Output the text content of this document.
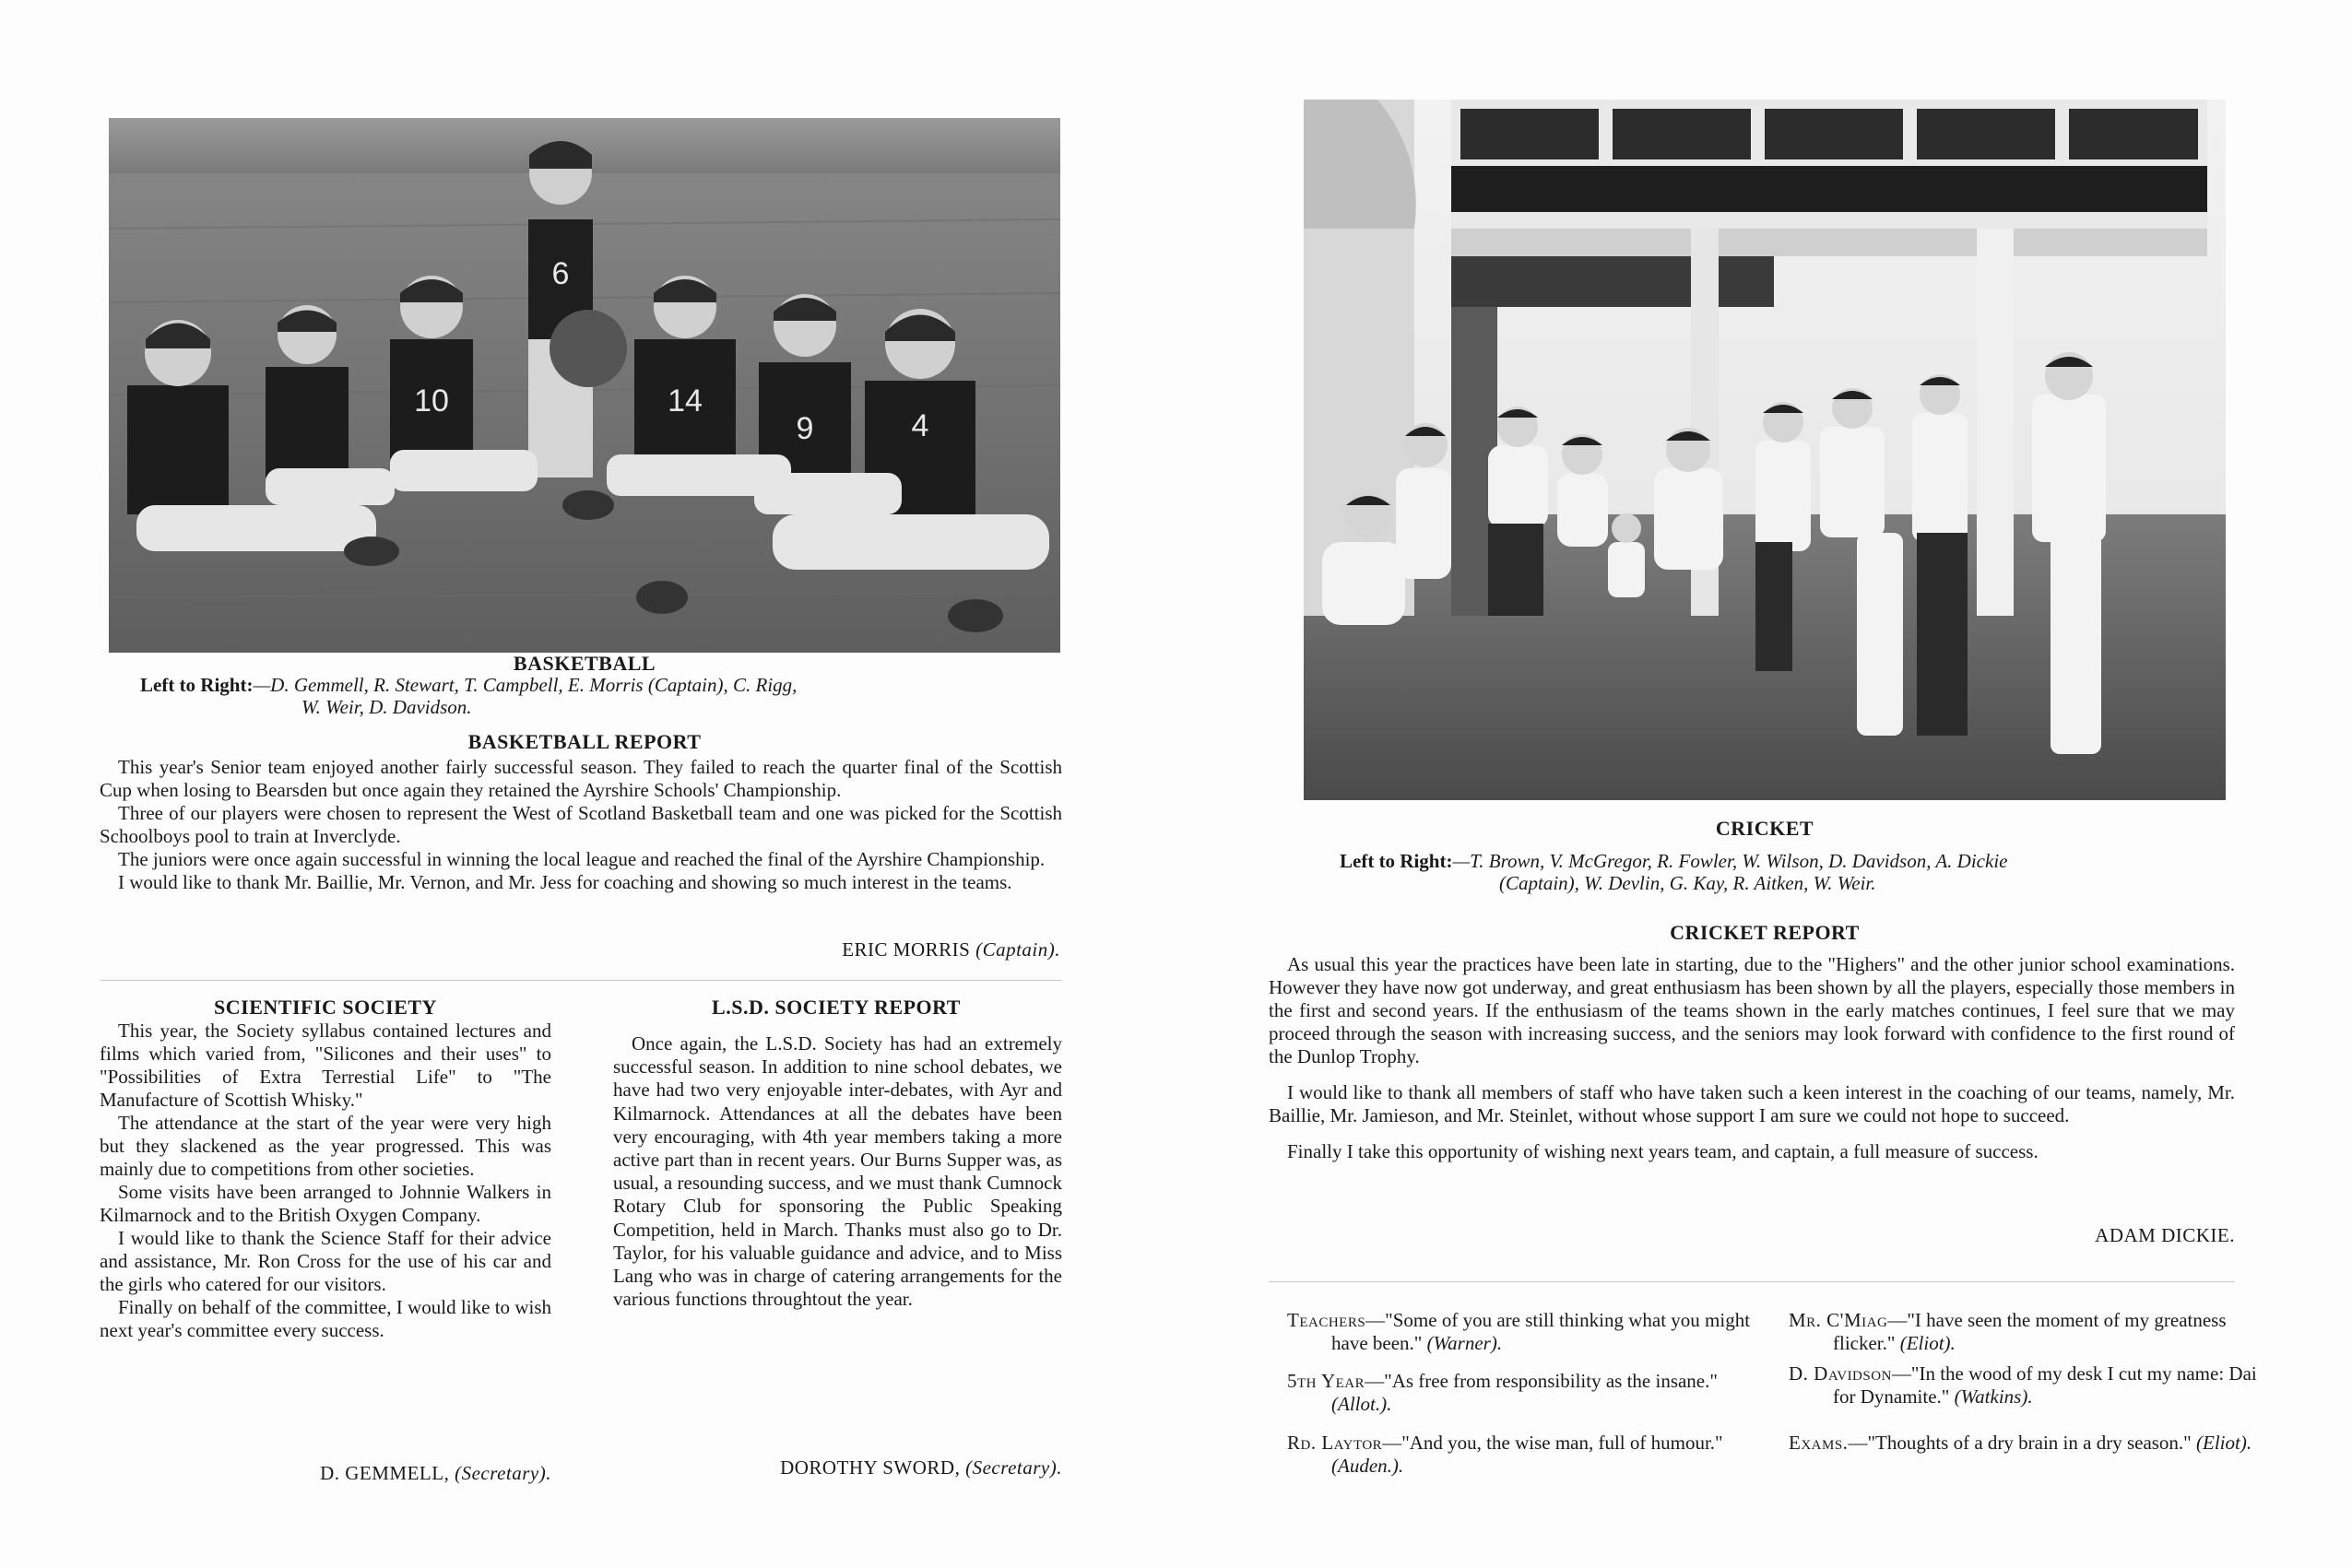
6
10	14
9	4
BASKETBALL
Left to Right:—D. Gemmell, R. Stewart, T. Campbell, E. Morris (Captain), C. Rigg,
W. Weir, D. Davidson.
BASKETBALL REPORT

This year's Senior team enjoyed another fairly successful season. They failed to reach the quarter final of the Scottish Cup when losing to Bearsden but once again they retained the Ayrshire Schools' Championship.

Three of our players were chosen to represent the West of Scotland Basketball team and one was picked for the Scottish Schoolboys pool to train at Inverclyde.

The juniors were once again successful in winning the local league and reached the final of the Ayrshire Championship.

I would like to thank Mr. Baillie, Mr. Vernon, and Mr. Jess for coaching and showing so much interest in the teams.

ERIC MORRIS (Captain).
SCIENTIFIC SOCIETY

This year, the Society syllabus contained lectures and films which varied from, "Silicones and their uses" to "Possibilities of Extra Terrestial Life" to "The Manufacture of Scottish Whisky."

The attendance at the start of the year were very high but they slackened as the year progressed. This was mainly due to competitions from other societies.

Some visits have been arranged to Johnnie Walkers in Kilmarnock and to the British Oxygen Company.

I would like to thank the Science Staff for their advice and assistance, Mr. Ron Cross for the use of his car and the girls who catered for our visitors.

Finally on behalf of the committee, I would like to wish next year's committee every success.

D. GEMMELL, (Secretary).
L.S.D. SOCIETY REPORT

Once again, the L.S.D. Society has had an extremely successful season. In addition to nine school debates, we have had two very enjoyable inter-debates, with Ayr and Kilmarnock. Attendances at all the debates have been very encouraging, with 4th year members taking a more active part than in recent years. Our Burns Supper was, as usual, a resounding success, and we must thank Cumnock Rotary Club for sponsoring the Public Speaking Competition, held in March. Thanks must also go to Dr. Taylor, for his valuable guidance and advice, and to Miss Lang who was in charge of catering arrangements for the various functions throughtout the year.

DOROTHY SWORD, (Secretary).
CRICKET
Left to Right:—T. Brown, V. McGregor, R. Fowler, W. Wilson, D. Davidson, A. Dickie
(Captain), W. Devlin, G. Kay, R. Aitken, W. Weir.
CRICKET REPORT

As usual this year the practices have been late in starting, due to the "Highers" and the other junior school examinations. However they have now got underway, and great enthusiasm has been shown by all the players, especially those members in the first and second years. If the enthusiasm of the teams shown in the early matches continues, I feel sure that we may proceed through the season with increasing success, and the seniors may look forward with confidence to the first round of the Dunlop Trophy.

I would like to thank all members of staff who have taken such a keen interest in the coaching of our teams, namely, Mr. Baillie, Mr. Jamieson, and Mr. Steinlet, without whose support I am sure we could not hope to succeed.

Finally I take this opportunity of wishing next years team, and captain, a full measure of success.

ADAM DICKIE.
Teachers—"Some of you are still thinking what you might have been." (Warner).
5th Year—"As free from responsibility as the insane." (Allot.).
Rd. Laytor—"And you, the wise man, full of humour." (Auden.).
Mr. C'Miag—"I have seen the moment of my greatness flicker." (Eliot).
D. Davidson—"In the wood of my desk I cut my name: Dai for Dynamite." (Watkins).
Exams.—"Thoughts of a dry brain in a dry season." (Eliot).
